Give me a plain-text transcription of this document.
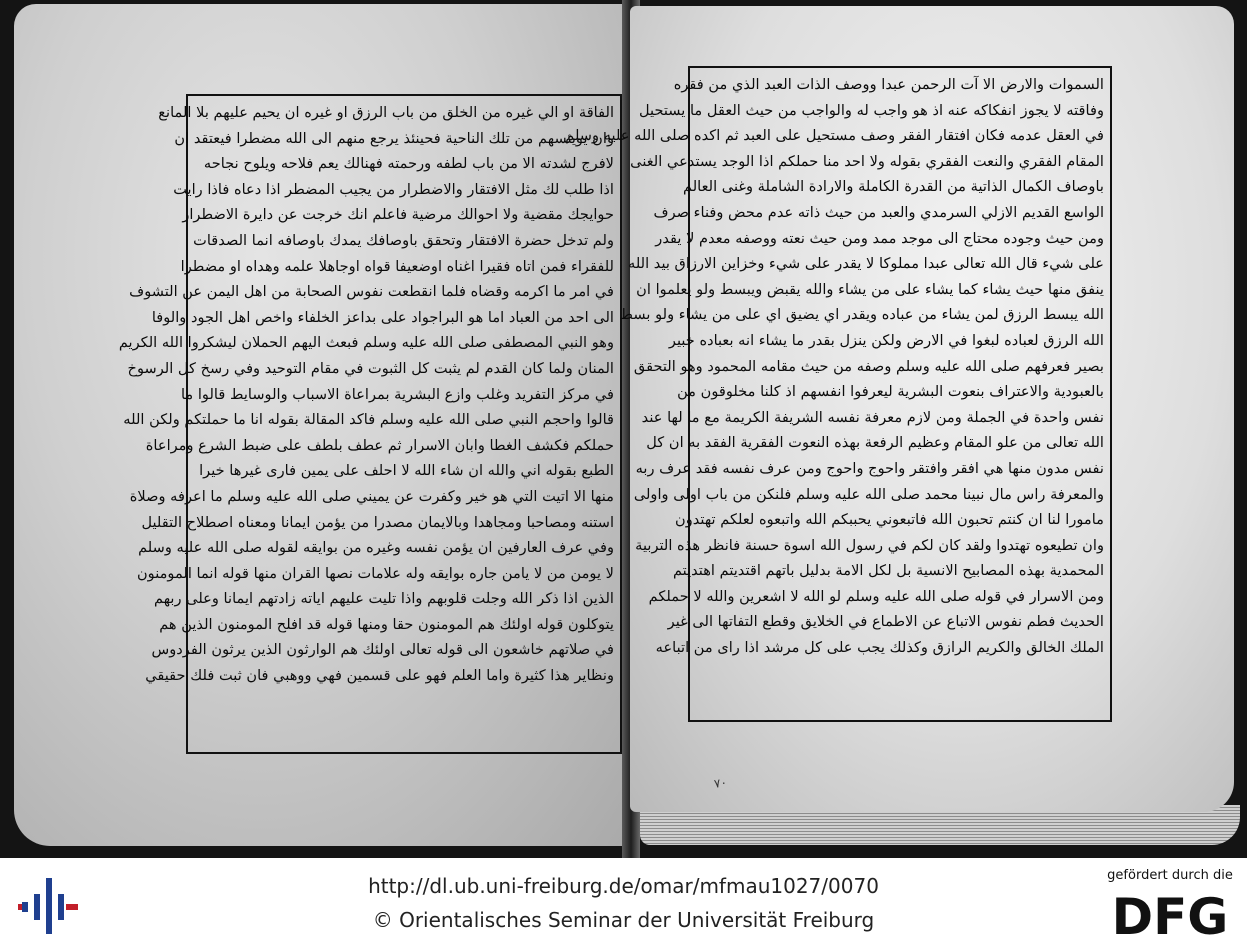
الفاقة او الي غيره من الخلق من باب الرزق او غيره ان يحيم عليهم بلا المانع
وان يويئسهم من تلك الناحية فحينئذ يرجع منهم الى الله مضطرا فيعتقد ان
لافرج لشدته الا من باب لطفه ورحمته فهنالك يعم فلاحه ويلوح نجاحه
اذا طلب لك مثل الافتقار والاضطرار من يجيب المضطر اذا دعاه فاذا رايت
حوايجك مقضية ولا احوالك مرضية فاعلم انك خرجت عن دايرة الاضطرار
ولم تدخل حضرة الافتقار وتحقق باوصافك يمدك باوصافه انما الصدقات
للفقراء فمن اتاه فقيرا اغناه اوضعيفا قواه اوجاهلا علمه وهداه او مضطرا
في امر ما اكرمه وقضاه فلما انقطعت نفوس الصحابة من اهل اليمن عن التشوف
الى احد من العباد اما هو البراجواد على بداعز الخلفاء واخص اهل الجود والوفا
وهو النبي المصطفى صلى الله عليه وسلم فبعث اليهم الحملان ليشكروا الله الكريم
المنان ولما كان القدم لم يثبت كل الثبوت في مقام التوحيد وفي رسخ كل الرسوخ
في مركز التفريد وغلب وازع البشرية بمراعاة الاسباب والوسايط قالوا ما
قالوا واحجم النبي صلى الله عليه وسلم فاكد المقالة بقوله انا ما حملتكم ولكن الله
حملكم فكشف الغطا وابان الاسرار ثم عطف بلطف على ضبط الشرع ومراعاة
الطبع بقوله اني والله ان شاء الله لا احلف على يمين فارى غيرها خيرا
منها الا اتيت التي هو خير وكفرت عن يميني صلى الله عليه وسلم ما اعرفه وصلاة
استنه ومصاحبا ومجاهدا وبالايمان مصدرا من يؤمن ايمانا ومعناه اصطلاح التقليل
وفي عرف العارفين ان يؤمن نفسه وغيره من بوايقه لقوله صلى الله عليه وسلم
لا يومن من لا يامن جاره بوايقه وله علامات نصها القران منها قوله انما المومنون
الذين اذا ذكر الله وجلت قلوبهم واذا تليت عليهم اياته زادتهم ايمانا وعلى ربهم
يتوكلون قوله اولئك هم المومنون حقا ومنها قوله قد افلح المومنون الذين هم
في صلاتهم خاشعون الى قوله تعالى اولئك هم الوارثون الذين يرثون الفردوس
ونظاير هذا كثيرة واما العلم فهو على قسمين فهي ووهبي فان ثبت فلك حقيقي
السموات والارض الا آت الرحمن عبدا ووصف الذات العبد الذي من فقره
وفاقته لا يجوز انفكاكه عنه اذ هو واجب له والواجب من حيث العقل ما يستحيل
في العقل عدمه فكان افتقار الفقر وصف مستحيل على العبد ثم اكده صلى الله عليه وسلم
المقام الفقري والنعت الفقري بقوله ولا احد منا حملكم اذا الوجد يستدعي الغنى
باوصاف الكمال الذاتية من القدرة الكاملة والارادة الشاملة وغنى العالم
الواسع القديم الازلي السرمدي والعبد من حيث ذاته عدم محض وفناء صرف
ومن حيث وجوده محتاج الى موجد ممد ومن حيث نعته ووصفه معدم لا يقدر
على شيء قال الله تعالى عبدا مملوكا لا يقدر على شيء وخزاين الارزاق بيد الله
ينفق منها حيث يشاء كما يشاء على من يشاء والله يقبض ويبسط ولو يعلموا ان
الله يبسط الرزق لمن يشاء من عباده ويقدر اي يضيق اي على من يشاء ولو بسط
الله الرزق لعباده لبغوا في الارض ولكن ينزل بقدر ما يشاء انه بعباده خبير
بصير فعرفهم صلى الله عليه وسلم وصفه من حيث مقامه المحمود وهو التحقق
بالعبودية والاعتراف بنعوت البشرية ليعرفوا انفسهم اذ كلنا مخلوقون من
نفس واحدة في الجملة ومن لازم معرفة نفسه الشريفة الكريمة مع ما لها عند
الله تعالى من علو المقام وعظيم الرفعة بهذه النعوت الفقرية الفقد به ان كل
نفس مدون منها هي افقر وافتقر واحوج واحوج ومن عرف نفسه فقد عرف ربه
والمعرفة راس مال نبينا محمد صلى الله عليه وسلم فلنكن من باب اولى واولى
مامورا لنا ان كنتم تحبون الله فاتبعوني يحببكم الله واتبعوه لعلكم تهتدون
وان تطيعوه تهتدوا ولقد كان لكم في رسول الله اسوة حسنة فانظر هذه التربية
المحمدية بهذه المصابيح الانسية بل لكل الامة بدليل باتهم اقتديتم اهتديتم
ومن الاسرار في قوله صلى الله عليه وسلم لو الله لا اشعرين والله لا حملكم
الحديث فطم نفوس الاتباع عن الاطماع في الخلايق وقطع التفاتها الى غير
الملك الخالق والكريم الرازق وكذلك يجب على كل مرشد اذا راى من اتباعه
٧٠
http://dl.ub.uni-freiburg.de/omar/mfmau1027/0070
© Orientalisches Seminar der Universität Freiburg
gefördert durch die
DFG
